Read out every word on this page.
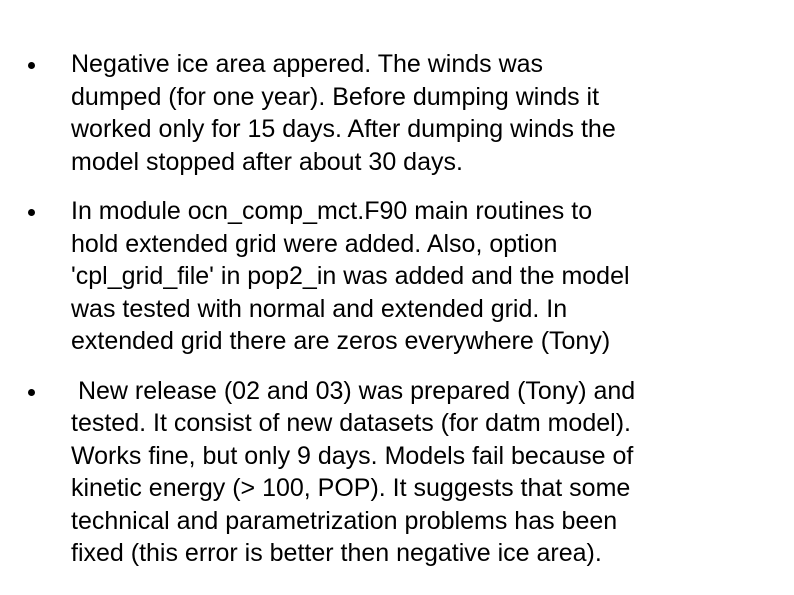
Negative ice area appered. The winds was
dumped (for one year). Before dumping winds it
worked only for 15 days. After dumping winds the
model stopped after about 30 days.
In module ocn_comp_mct.F90 main routines to
hold extended grid were added. Also, option
'cpl_grid_file' in pop2_in was added and the model
was tested with normal and extended grid. In
extended grid there are zeros everywhere (Tony)
New release (02 and 03) was prepared (Tony) and
tested. It consist of new datasets (for datm model).
Works fine, but only 9 days. Models fail because of
kinetic energy (> 100, POP). It suggests that some
technical and parametrization problems has been
fixed (this error is better then negative ice area).
